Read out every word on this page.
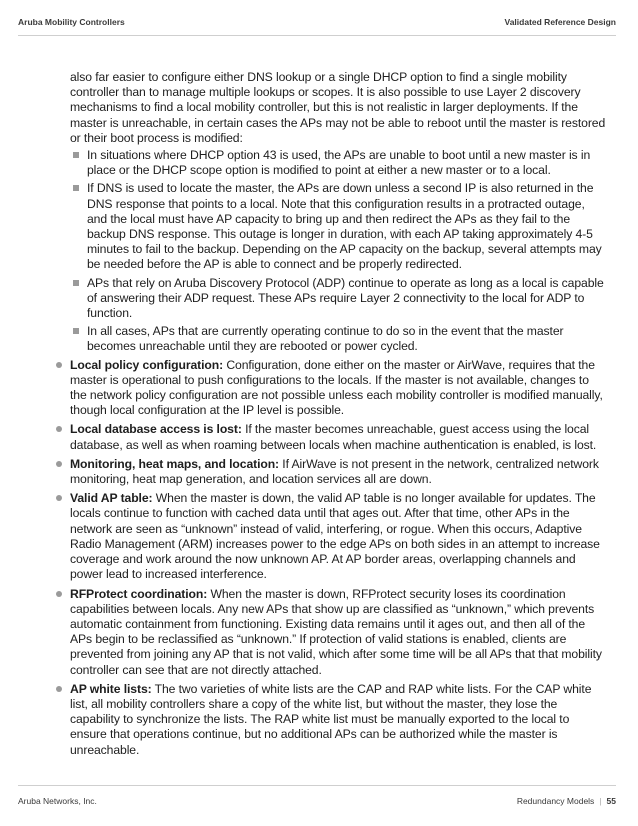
Aruba Mobility Controllers	Validated Reference Design
also far easier to configure either DNS lookup or a single DHCP option to find a single mobility controller than to manage multiple lookups or scopes. It is also possible to use Layer 2 discovery mechanisms to find a local mobility controller, but this is not realistic in larger deployments. If the master is unreachable, in certain cases the APs may not be able to reboot until the master is restored or their boot process is modified:
In situations where DHCP option 43 is used, the APs are unable to boot until a new master is in place or the DHCP scope option is modified to point at either a new master or to a local.
If DNS is used to locate the master, the APs are down unless a second IP is also returned in the DNS response that points to a local. Note that this configuration results in a protracted outage, and the local must have AP capacity to bring up and then redirect the APs as they fail to the backup DNS response. This outage is longer in duration, with each AP taking approximately 4-5 minutes to fail to the backup. Depending on the AP capacity on the backup, several attempts may be needed before the AP is able to connect and be properly redirected.
APs that rely on Aruba Discovery Protocol (ADP) continue to operate as long as a local is capable of answering their ADP request. These APs require Layer 2 connectivity to the local for ADP to function.
In all cases, APs that are currently operating continue to do so in the event that the master becomes unreachable until they are rebooted or power cycled.
Local policy configuration: Configuration, done either on the master or AirWave, requires that the master is operational to push configurations to the locals. If the master is not available, changes to the network policy configuration are not possible unless each mobility controller is modified manually, though local configuration at the IP level is possible.
Local database access is lost: If the master becomes unreachable, guest access using the local database, as well as when roaming between locals when machine authentication is enabled, is lost.
Monitoring, heat maps, and location: If AirWave is not present in the network, centralized network monitoring, heat map generation, and location services all are down.
Valid AP table: When the master is down, the valid AP table is no longer available for updates. The locals continue to function with cached data until that ages out. After that time, other APs in the network are seen as “unknown” instead of valid, interfering, or rogue. When this occurs, Adaptive Radio Management (ARM) increases power to the edge APs on both sides in an attempt to increase coverage and work around the now unknown AP. At AP border areas, overlapping channels and power lead to increased interference.
RFProtect coordination: When the master is down, RFProtect security loses its coordination capabilities between locals. Any new APs that show up are classified as “unknown,” which prevents automatic containment from functioning. Existing data remains until it ages out, and then all of the APs begin to be reclassified as “unknown.” If protection of valid stations is enabled, clients are prevented from joining any AP that is not valid, which after some time will be all APs that that mobility controller can see that are not directly attached.
AP white lists: The two varieties of white lists are the CAP and RAP white lists. For the CAP white list, all mobility controllers share a copy of the white list, but without the master, they lose the capability to synchronize the lists. The RAP white list must be manually exported to the local to ensure that operations continue, but no additional APs can be authorized while the master is unreachable.
Aruba Networks, Inc.	Redundancy Models | 55
